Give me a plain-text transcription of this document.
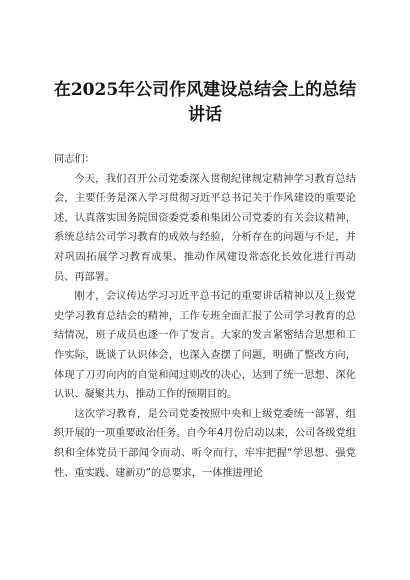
在2025年公司作风建设总结会上的总结讲话

同志们：

今天，我们召开公司党委深入贯彻纪律规定精神学习教育总结会，主要任务是深入学习贯彻习近平总书记关于作风建设的重要论述，认真落实国务院国资委党委和集团公司党委的有关会议精神，系统总结公司学习教育的成效与经验，分析存在的问题与不足，并对巩固拓展学习教育成果、推动作风建设常态化长效化进行再动员、再部署。

刚才，会议传达学习习近平总书记的重要讲话精神以及上级党史学习教育总结会的精神，工作专班全面汇报了公司学习教育的总结情况，班子成员也逐一作了发言。大家的发言紧密结合思想和工作实际，既谈了认识体会，也深入查摆了问题，明确了整改方向，体现了刀刃向内的自觉和闻过则改的决心，达到了统一思想、深化认识、凝聚共力、推动工作的预期目的。

这次学习教育，是公司党委按照中央和上级党委统一部署，组织开展的一项重要政治任务。自今年4月份启动以来，公司各级党组织和全体党员干部闻令而动、听令而行，牢牢把握“学思想、强党性、重实践、建新功”的总要求，一体推进理论
